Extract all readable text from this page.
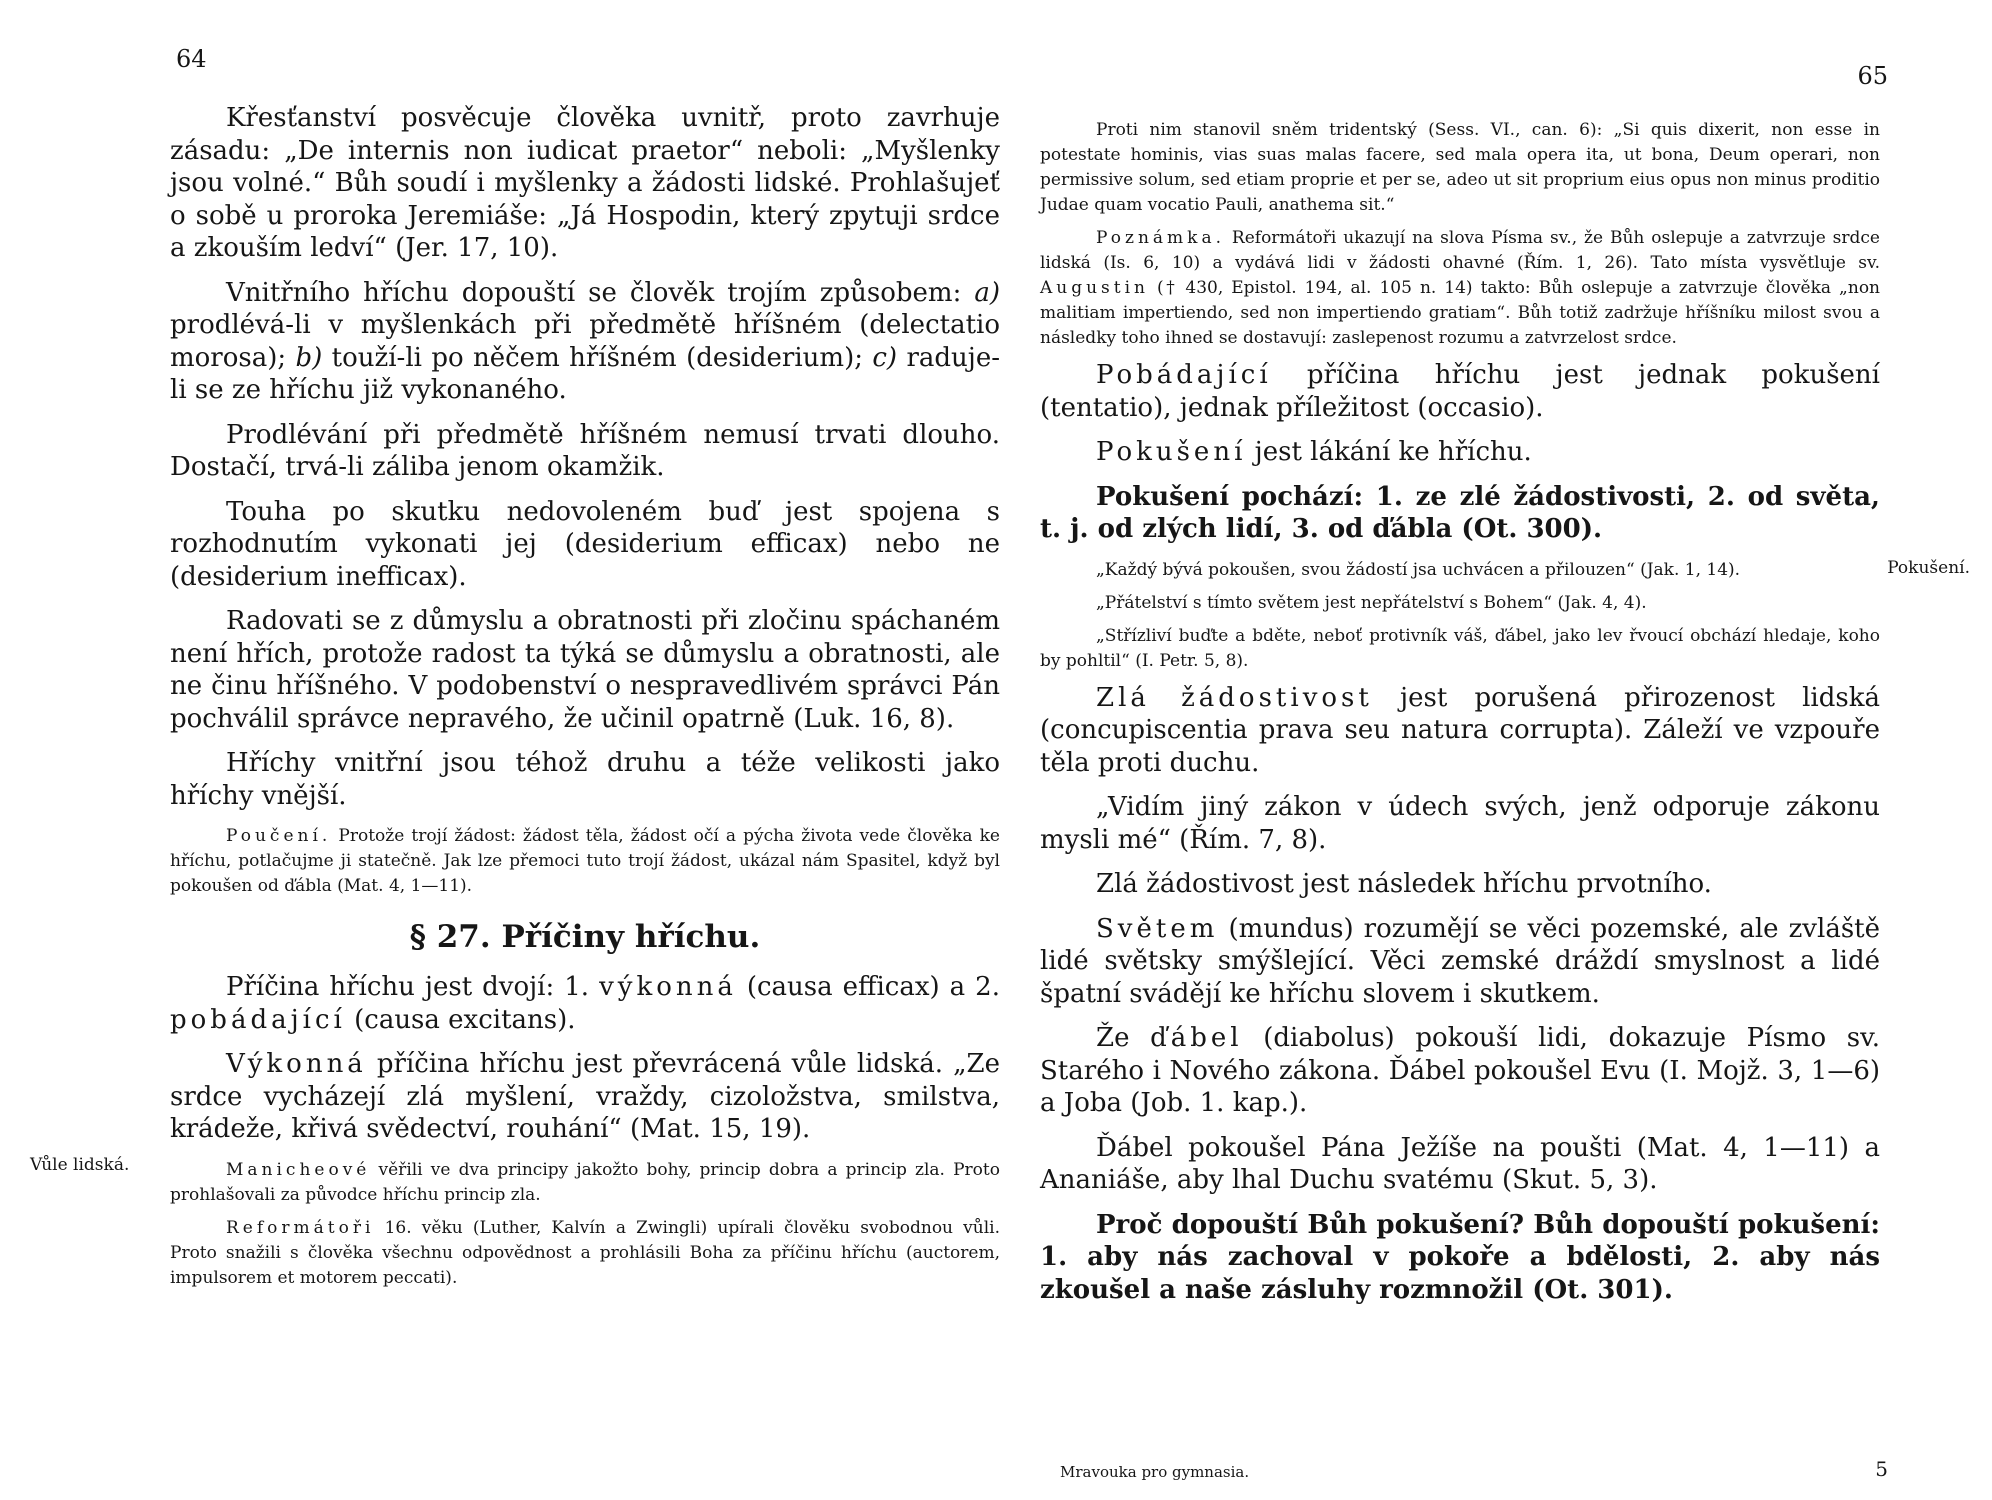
64

Křesťanství posvěcuje člověka uvnitř, proto zavrhuje zásadu: „De internis non iudicat praetor“ neboli: „Myšlenky jsou volné.“ Bůh soudí i myšlenky a žádosti lidské. Prohlašujeť o sobě u proroka Jeremiáše: „Já Hospodin, který zpytuji srdce a zkouším ledví“ (Jer. 17, 10).

Vnitřního hříchu dopouští se člověk trojím způsobem: a) prodlévá-li v myšlenkách při předmětě hříšném (delectatio morosa); b) touží-li po něčem hříšném (desiderium); c) raduje-li se ze hříchu již vykonaného.

Prodlévání při předmětě hříšném nemusí trvati dlouho. Dostačí, trvá-li záliba jenom okamžik.

Touha po skutku nedovoleném buď jest spojena s rozhodnutím vykonati jej (desiderium efficax) nebo ne (desiderium inefficax).

Radovati se z důmyslu a obratnosti při zločinu spáchaném není hřích, protože radost ta týká se důmyslu a obratnosti, ale ne činu hříšného. V podobenství o nespravedlivém správci Pán pochválil správce nepravého, že učinil opatrně (Luk. 16, 8).

Hříchy vnitřní jsou téhož druhu a téže velikosti jako hříchy vnější.

Poučení. Protože trojí žádost: žádost těla, žádost očí a pýcha života vede člověka ke hříchu, potlačujme ji statečně. Jak lze přemoci tuto trojí žádost, ukázal nám Spasitel, když byl pokoušen od ďábla (Mat. 4, 1—11).

§ 27. Příčiny hříchu.

Příčina hříchu jest dvojí: 1. výkonná (causa efficax) a 2. pobádající (causa excitans).

Výkonná příčina hříchu jest převrácená vůle lidská. „Ze srdce vycházejí zlá myšlení, vraždy, cizoložstva, smilstva, krádeže, křivá svědectví, rouhání“ (Mat. 15, 19).

Manicheové věřili ve dva principy jakožto bohy, princip dobra a princip zla. Proto prohlašovali za původce hříchu princip zla.

Reformátoři 16. věku (Luther, Kalvín a Zwingli) upírali člověku svobodnou vůli. Proto snažili s člověka všechnu odpovědnost a prohlásili Boha za příčinu hříchu (auctorem, impulsorem et motorem peccati).

Vůle lidská.
65

Proti nim stanovil sněm tridentský (Sess. VI., can. 6): „Si quis dixerit, non esse in potestate hominis, vias suas malas facere, sed mala opera ita, ut bona, Deum operari, non permissive solum, sed etiam proprie et per se, adeo ut sit proprium eius opus non minus proditio Judae quam vocatio Pauli, anathema sit.“

Poznámka. Reformátoři ukazují na slova Písma sv., že Bůh oslepuje a zatvrzuje srdce lidská (Is. 6, 10) a vydává lidi v žádosti ohavné (Řím. 1, 26). Tato místa vysvětluje sv. Augustin († 430, Epistol. 194, al. 105 n. 14) takto: Bůh oslepuje a zatvrzuje člověka „non malitiam impertiendo, sed non impertiendo gratiam“. Bůh totiž zadržuje hříšníku milost svou a následky toho ihned se dostavují: zaslepenost rozumu a zatvrzelost srdce.

Pobádající příčina hříchu jest jednak pokušení (tentatio), jednak příležitost (occasio).

Pokušení jest lákání ke hříchu.

Pokušení pochází: 1. ze zlé žádostivosti, 2. od světa, t. j. od zlých lidí, 3. od ďábla (Ot. 300).

„Každý bývá pokoušen, svou žádostí jsa uchvácen a přilouzen“ (Jak. 1, 14).

„Přátelství s tímto světem jest nepřátelství s Bohem“ (Jak. 4, 4).

„Střízliví buďte a bděte, neboť protivník váš, ďábel, jako lev řvoucí obchází hledaje, koho by pohltil“ (I. Petr. 5, 8).

Zlá žádostivost jest porušená přirozenost lidská (concupiscentia prava seu natura corrupta). Záleží ve vzpouře těla proti duchu.

„Vidím jiný zákon v údech svých, jenž odporuje zákonu mysli mé“ (Řím. 7, 8).

Zlá žádostivost jest následek hříchu prvotního.

Světem (mundus) rozumějí se věci pozemské, ale zvláště lidé světsky smýšlející. Věci zemské dráždí smyslnost a lidé špatní svádějí ke hříchu slovem i skutkem.

Že ďábel (diabolus) pokouší lidi, dokazuje Písmo sv. Starého i Nového zákona. Ďábel pokoušel Evu (I. Mojž. 3, 1—6) a Joba (Job. 1. kap.).

Ďábel pokoušel Pána Ježíše na poušti (Mat. 4, 1—11) a Ananiáše, aby lhal Duchu svatému (Skut. 5, 3).

Proč dopouští Bůh pokušení? Bůh dopouští pokušení: 1. aby nás zachoval v pokoře a bdělosti, 2. aby nás zkoušel a naše zásluhy rozmnožil (Ot. 301).

Mravouka pro gymnasia.	5
Pokušení.
